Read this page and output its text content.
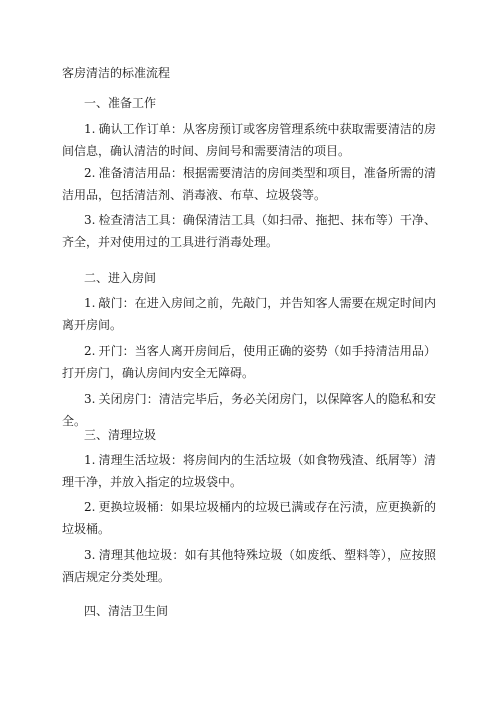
客房清洁的标准流程
一、准备工作

1. 确认工作订单：从客房预订或客房管理系统中获取需要清洁的房间信息，确认清洁的时间、房间号和需要清洁的项目。

2. 准备清洁用品：根据需要清洁的房间类型和项目，准备所需的清洁用品，包括清洁剂、消毒液、布草、垃圾袋等。

3. 检查清洁工具：确保清洁工具（如扫帚、拖把、抹布等）干净、齐全，并对使用过的工具进行消毒处理。

二、进入房间

1. 敲门：在进入房间之前，先敲门，并告知客人需要在规定时间内离开房间。

2. 开门：当客人离开房间后，使用正确的姿势（如手持清洁用品）打开房门，确认房间内安全无障碍。

3. 关闭房门：清洁完毕后，务必关闭房门，以保障客人的隐私和安全。

三、清理垃圾

1. 清理生活垃圾：将房间内的生活垃圾（如食物残渣、纸屑等）清理干净，并放入指定的垃圾袋中。

2. 更换垃圾桶：如果垃圾桶内的垃圾已满或存在污渍，应更换新的垃圾桶。

3. 清理其他垃圾：如有其他特殊垃圾（如废纸、塑料等），应按照酒店规定分类处理。

四、清洁卫生间
